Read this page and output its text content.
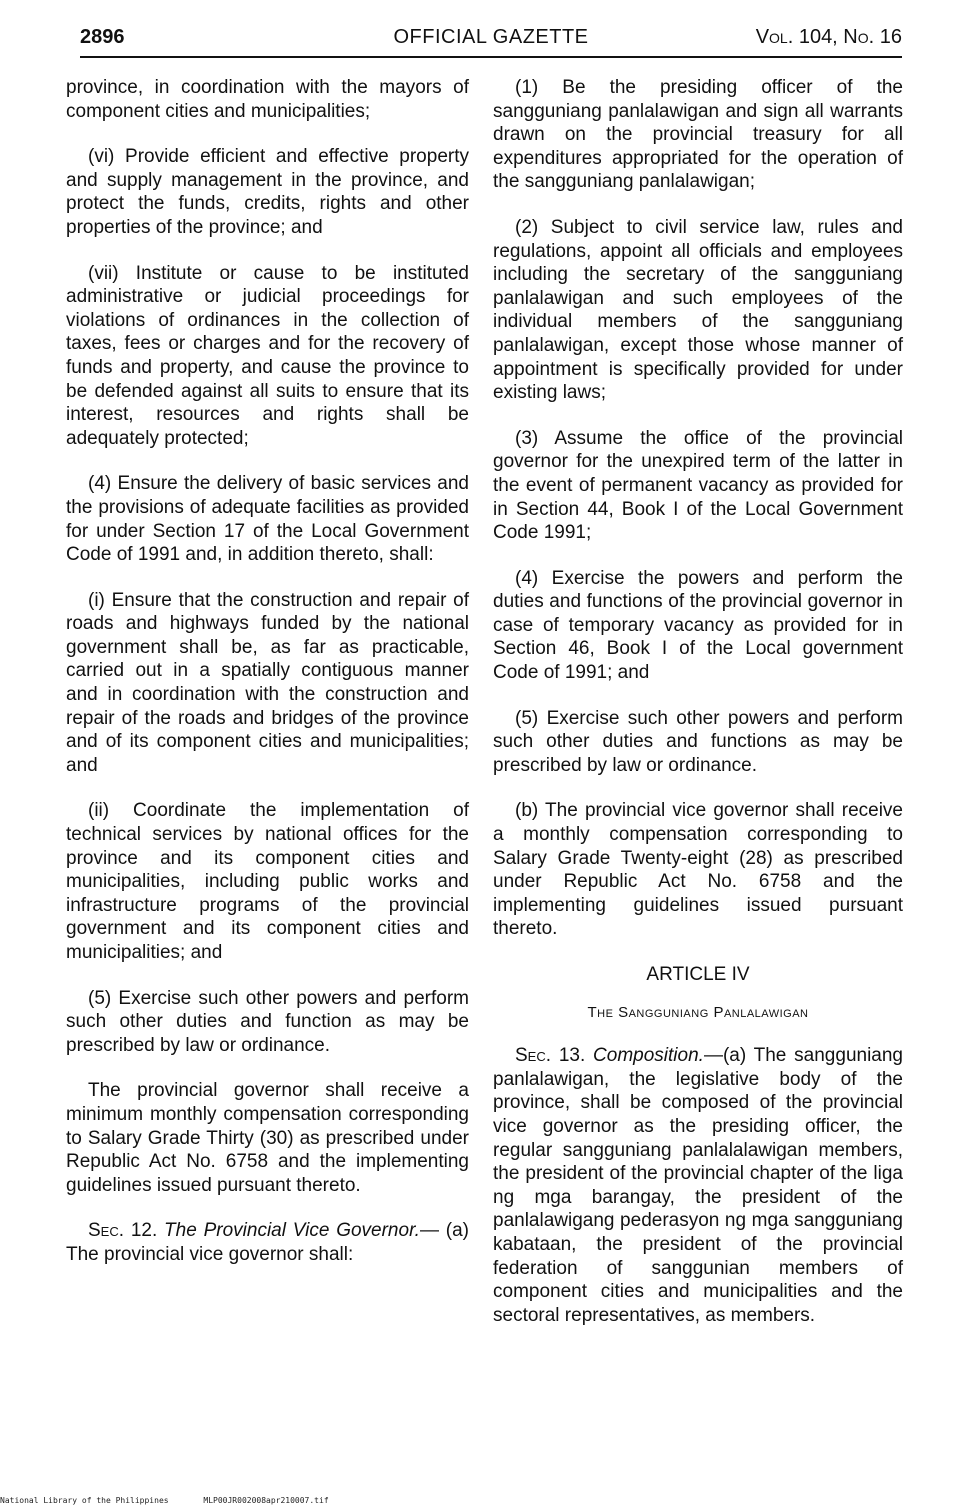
2896	OFFICIAL GAZETTE	Vol. 104, No. 16

province, in coordination with the mayors of component cities and municipalities;

(vi) Provide efficient and effective property and supply management in the province, and protect the funds, credits, rights and other properties of the province; and

(vii) Institute or cause to be instituted administrative or judicial proceedings for violations of ordinances in the collection of taxes, fees or charges and for the recovery of funds and property, and cause the province to be defended against all suits to ensure that its interest, resources and rights shall be adequately protected;

(4) Ensure the delivery of basic services and the provisions of adequate facilities as provided for under Section 17 of the Local Government Code of 1991 and, in addition thereto, shall:

(i) Ensure that the construction and repair of roads and highways funded by the national government shall be, as far as practicable, carried out in a spatially contiguous manner and in coordination with the construction and repair of the roads and bridges of the province and of its component cities and municipalities; and

(ii) Coordinate the implementation of technical services by national offices for the province and its component cities and municipalities, including public works and infrastructure programs of the provincial government and its component cities and municipalities; and

(5) Exercise such other powers and perform such other duties and function as may be prescribed by law or ordinance.

The provincial governor shall receive a minimum monthly compensation corresponding to Salary Grade Thirty (30) as prescribed under Republic Act No. 6758 and the implementing guidelines issued pursuant thereto.

Sec. 12. The Provincial Vice Governor.— (a) The provincial vice governor shall:

(1) Be the presiding officer of the sangguniang panlalawigan and sign all warrants drawn on the provincial treasury for all expenditures appropriated for the operation of the sangguniang panlalawigan;

(2) Subject to civil service law, rules and regulations, appoint all officials and employees including the secretary of the sangguniang panlalawigan and such employees of the individual members of the sangguniang panlalawigan, except those whose manner of appointment is specifically provided for under existing laws;

(3) Assume the office of the provincial governor for the unexpired term of the latter in the event of permanent vacancy as provided for in Section 44, Book I of the Local Government Code 1991;

(4) Exercise the powers and perform the duties and functions of the provincial governor in case of temporary vacancy as provided for in Section 46, Book I of the Local government Code of 1991; and

(5) Exercise such other powers and perform such other duties and functions as may be prescribed by law or ordinance.

(b) The provincial vice governor shall receive a monthly compensation corresponding to Salary Grade Twenty-eight (28) as prescribed under Republic Act No. 6758 and the implementing guidelines issued pursuant thereto.

ARTICLE IV
The Sangguniang Panlalawigan

Sec. 13. Composition.—(a) The sangguniang panlalawigan, the legislative body of the province, shall be composed of the provincial vice governor as the presiding officer, the regular sangguniang panlalalawigan members, the president of the provincial chapter of the liga ng mga barangay, the president of the panlalawigang pederasyon ng mga sangguniang kabataan, the president of the provincial federation of sanggunian members of component cities and municipalities and the sectoral representatives, as members.

National Library of the Philippines	MLP00JR002008apr210007.tif
